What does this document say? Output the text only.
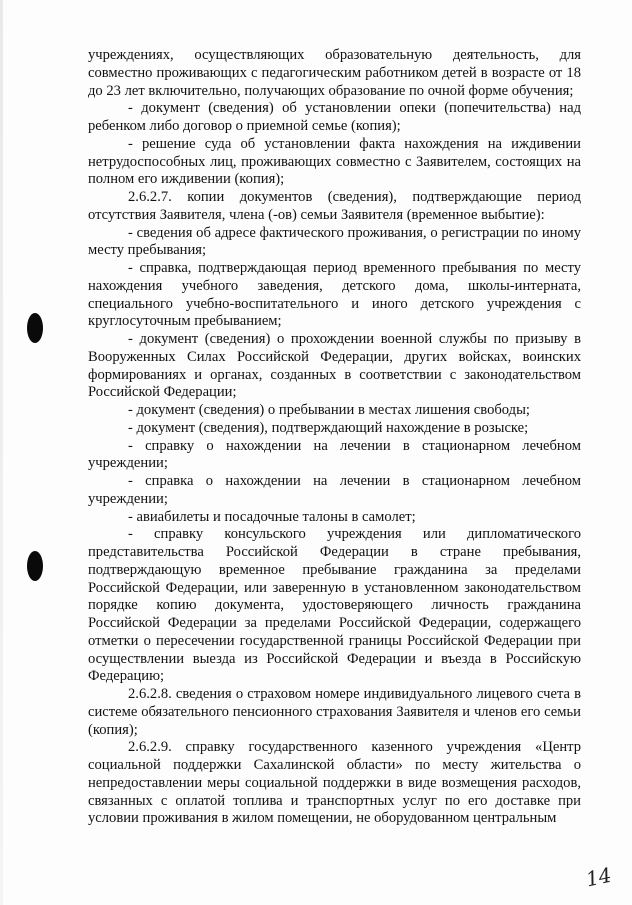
учреждениях, осуществляющих образовательную деятельность, для совместно проживающих с педагогическим работником детей в возрасте от 18 до 23 лет включительно, получающих образование по очной форме обучения;

- документ (сведения) об установлении опеки (попечительства) над ребенком либо договор о приемной семье (копия);

- решение суда об установлении факта нахождения на иждивении нетрудоспособных лиц, проживающих совместно с Заявителем, состоящих на полном его иждивении (копия);

2.6.2.7. копии документов (сведения), подтверждающие период отсутствия Заявителя, члена (-ов) семьи Заявителя (временное выбытие):

- сведения об адресе фактического проживания, о регистрации по иному месту пребывания;

- справка, подтверждающая период временного пребывания по месту нахождения учебного заведения, детского дома, школы-интерната, специального учебно-воспитательного и иного детского учреждения с круглосуточным пребыванием;

- документ (сведения) о прохождении военной службы по призыву в Вооруженных Силах Российской Федерации, других войсках, воинских формированиях и органах, созданных в соответствии с законодательством Российской Федерации;

- документ (сведения) о пребывании в местах лишения свободы;

- документ (сведения), подтверждающий нахождение в розыске;

- справку о нахождении на лечении в стационарном лечебном учреждении;

- справка о нахождении на лечении в стационарном лечебном учреждении;

- авиабилеты и посадочные талоны в самолет;

- справку консульского учреждения или дипломатического представительства Российской Федерации в стране пребывания, подтверждающую временное пребывание гражданина за пределами Российской Федерации, или заверенную в установленном законодательством порядке копию документа, удостоверяющего личность гражданина Российской Федерации за пределами Российской Федерации, содержащего отметки о пересечении государственной границы Российской Федерации при осуществлении выезда из Российской Федерации и въезда в Российскую Федерацию;

2.6.2.8. сведения о страховом номере индивидуального лицевого счета в системе обязательного пенсионного страхования Заявителя и членов его семьи (копия);

2.6.2.9. справку государственного казенного учреждения «Центр социальной поддержки Сахалинской области» по месту жительства о непредоставлении меры социальной поддержки в виде возмещения расходов, связанных с оплатой топлива и транспортных услуг по его доставке при условии проживания в жилом помещении, не оборудованном центральным

14
